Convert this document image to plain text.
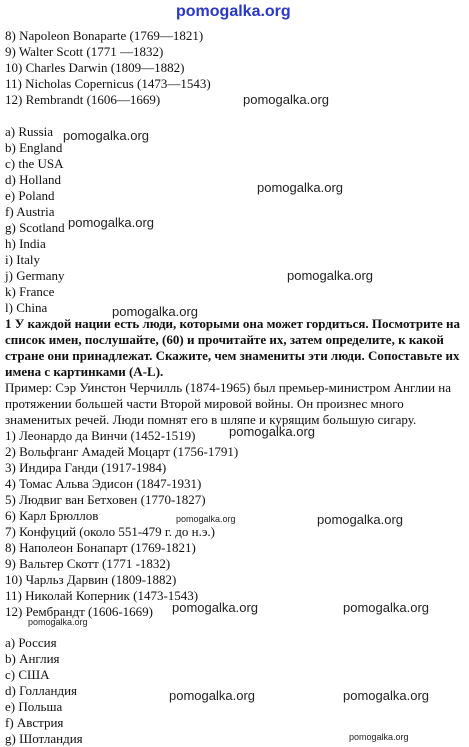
pomogalka.org
8) Napoleon Bonaparte (1769—1821)
9) Walter Scott (1771 —1832)
10) Charles Darwin (1809—1882)
11) Nicholas Copernicus (1473—1543)
12) Rembrandt (1606—1669)
a) Russia
b) England
c) the USA
d) Holland
e) Poland
f) Austria
g) Scotland
h) India
i) Italy
j) Germany
k) France
l) China

1 У каждой нации есть люди, которыми она может гордиться. Посмотрите на список имен, послушайте, (60) и прочитайте их, затем определите, к какой стране они принадлежат. Скажите, чем знамениты эти люди. Сопоставьте их имена с картинками (A-L).

Пример: Сэр Уинстон Черчилль (1874-1965) был премьер-министром Англии на протяжении большей части Второй мировой войны. Он произнес много знаменитых речей. Люди помнят его в шляпе и курящим большую сигару.

1) Леонардо да Винчи (1452-1519)
2) Вольфганг Амадей Моцарт (1756-1791)
3) Индира Ганди (1917-1984)
4) Томас Альва Эдисон (1847-1931)
5) Людвиг ван Бетховен (1770-1827)
6) Карл Брюллов
7) Конфуций (около 551-479 г. до н.э.)
8) Наполеон Бонапарт (1769-1821)
9) Вальтер Скотт (1771 -1832)
10) Чарльз Дарвин (1809-1882)
11) Николай Коперник (1473-1543)
12) Рембрандт (1606-1669)
a) Россия
b) Англия
c) США
d) Голландия
e) Польша
f) Австрия
g) Шотландия
pomogalka.org
pomogalka.org
pomogalka.org
pomogalka.org
pomogalka.org
pomogalka.org
pomogalka.org
pomogalka.org	pomogalka.org
pomogalka.org	pomogalka.org
pomogalka.org
pomogalka.org	pomogalka.org
pomogalka.org
